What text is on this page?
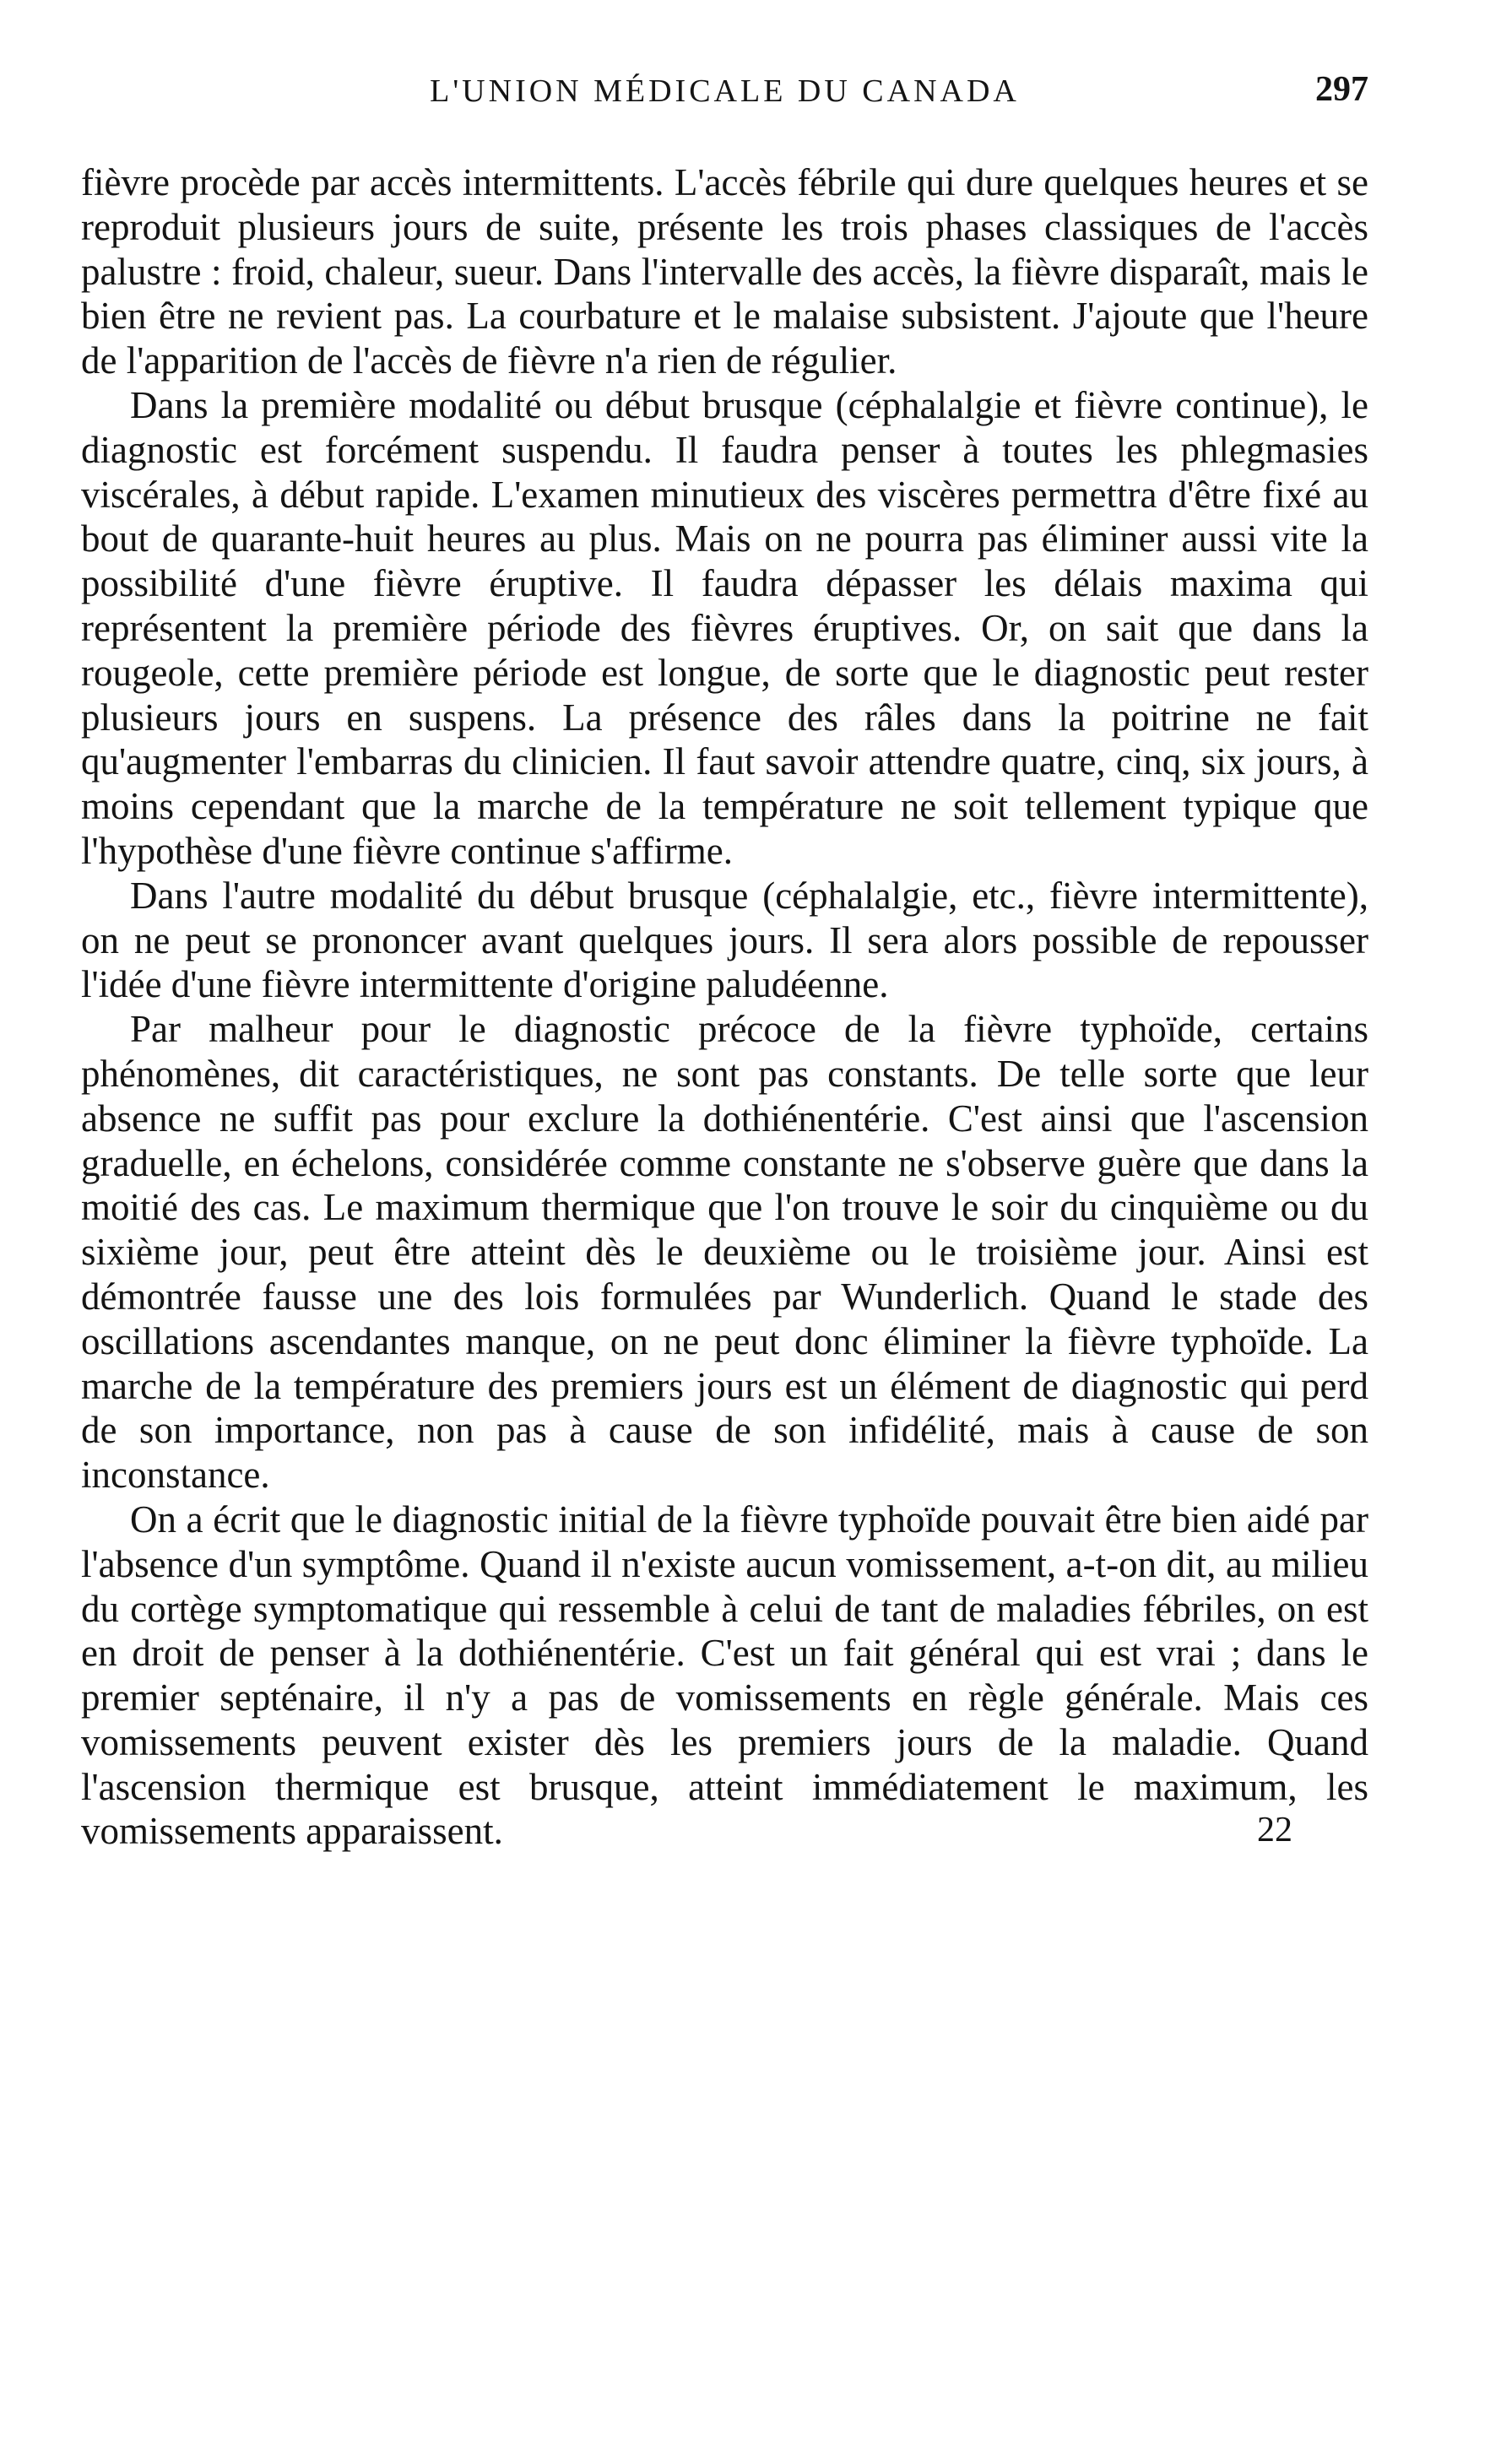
L'UNION MÉDICALE DU CANADA	297

fièvre procède par accès intermittents. L'accès fébrile qui dure quelques heures et se reproduit plusieurs jours de suite, présente les trois phases classiques de l'accès palustre : froid, chaleur, sueur. Dans l'intervalle des accès, la fièvre disparaît, mais le bien être ne revient pas. La courbature et le malaise subsistent. J'ajoute que l'heure de l'apparition de l'accès de fièvre n'a rien de régulier.

Dans la première modalité ou début brusque (céphalalgie et fièvre continue), le diagnostic est forcément suspendu. Il faudra penser à toutes les phlegmasies viscérales, à début rapide. L'examen minutieux des viscères permettra d'être fixé au bout de quarante-huit heures au plus. Mais on ne pourra pas éliminer aussi vite la possibilité d'une fièvre éruptive. Il faudra dépasser les délais maxima qui représentent la première période des fièvres éruptives. Or, on sait que dans la rougeole, cette première période est longue, de sorte que le diagnostic peut rester plusieurs jours en suspens. La présence des râles dans la poitrine ne fait qu'augmenter l'embarras du clinicien. Il faut savoir attendre quatre, cinq, six jours, à moins cependant que la marche de la température ne soit tellement typique que l'hypothèse d'une fièvre continue s'affirme.

Dans l'autre modalité du début brusque (céphalalgie, etc., fièvre intermittente), on ne peut se prononcer avant quelques jours. Il sera alors possible de repousser l'idée d'une fièvre intermittente d'origine paludéenne.

Par malheur pour le diagnostic précoce de la fièvre typhoïde, certains phénomènes, dit caractéristiques, ne sont pas constants. De telle sorte que leur absence ne suffit pas pour exclure la dothiénentérie. C'est ainsi que l'ascension graduelle, en échelons, considérée comme constante ne s'observe guère que dans la moitié des cas. Le maximum thermique que l'on trouve le soir du cinquième ou du sixième jour, peut être atteint dès le deuxième ou le troisième jour. Ainsi est démontrée fausse une des lois formulées par Wunderlich. Quand le stade des oscillations ascendantes manque, on ne peut donc éliminer la fièvre typhoïde. La marche de la température des premiers jours est un élément de diagnostic qui perd de son importance, non pas à cause de son infidélité, mais à cause de son inconstance.

On a écrit que le diagnostic initial de la fièvre typhoïde pouvait être bien aidé par l'absence d'un symptôme. Quand il n'existe aucun vomissement, a-t-on dit, au milieu du cortège symptomatique qui ressemble à celui de tant de maladies fébriles, on est en droit de penser à la dothiénentérie. C'est un fait général qui est vrai ; dans le premier septénaire, il n'y a pas de vomissements en règle générale. Mais ces vomissements peuvent exister dès les premiers jours de la maladie. Quand l'ascension thermique est brusque, atteint immédiatement le maximum, les vomissements apparaissent.	22
